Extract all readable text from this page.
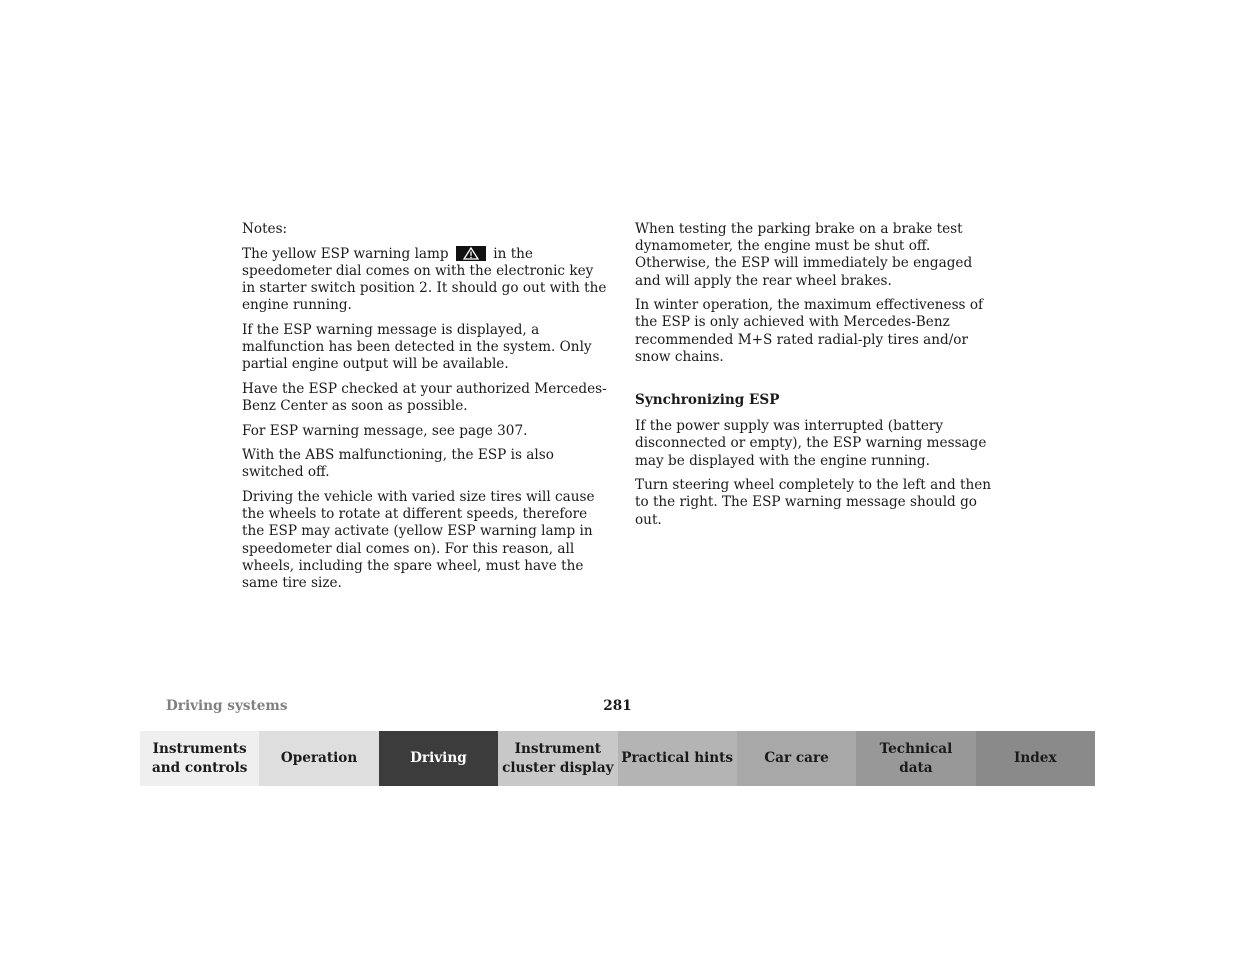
Notes:

The yellow ESP warning lamp	in the speedometer dial comes on with the electronic key in starter switch position 2. It should go out with the engine running.

If the ESP warning message is displayed, a malfunction has been detected in the system. Only partial engine output will be available.

Have the ESP checked at your authorized Mercedes-Benz Center as soon as possible.

For ESP warning message, see page 307.

With the ABS malfunctioning, the ESP is also switched off.

Driving the vehicle with varied size tires will cause the wheels to rotate at different speeds, therefore the ESP may activate (yellow ESP warning lamp in speedometer dial comes on). For this reason, all wheels, including the spare wheel, must have the same tire size.

When testing the parking brake on a brake test dynamometer, the engine must be shut off. Otherwise, the ESP will immediately be engaged and will apply the rear wheel brakes.

In winter operation, the maximum effectiveness of the ESP is only achieved with Mercedes-Benz recommended M+S rated radial-ply tires and/or snow chains.

Synchronizing ESP

If the power supply was interrupted (battery disconnected or empty), the ESP warning message may be displayed with the engine running.

Turn steering wheel completely to the left and then to the right. The ESP warning message should go out.

Driving systems	281
Instruments
and controls
Operation	Driving
Instrument
cluster display
Practical hints	Car care
Technical
data
Index
